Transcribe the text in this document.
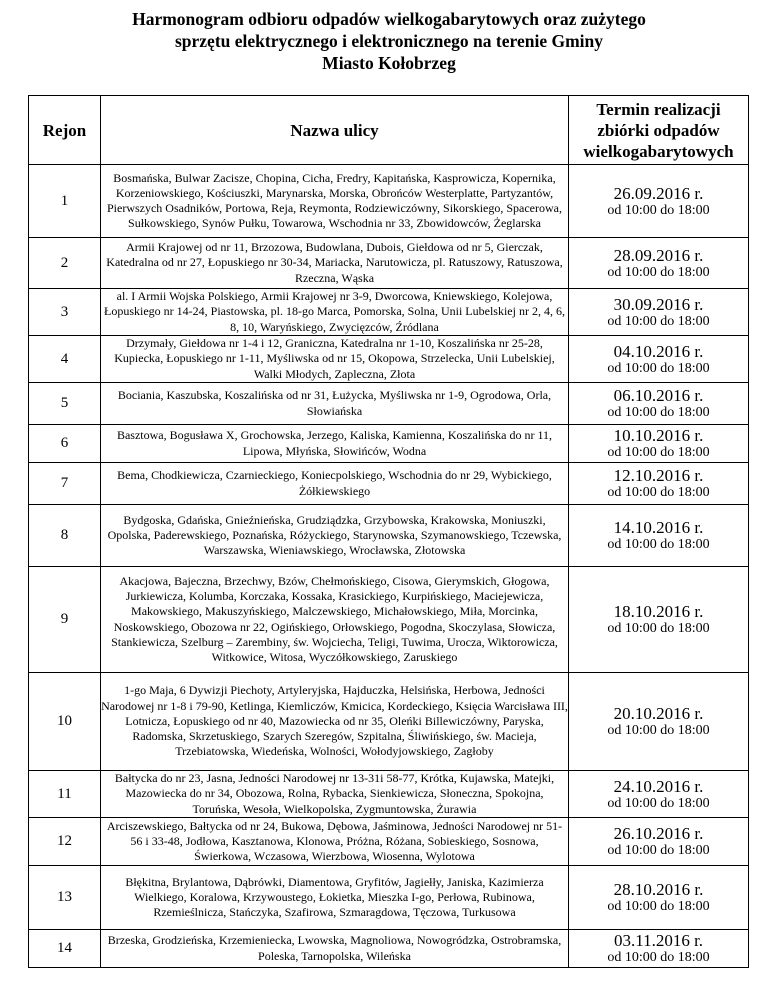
Harmonogram odbioru odpadów wielkogabarytowych oraz zużytego
sprzętu elektrycznego i elektronicznego na terenie Gminy
Miasto Kołobrzeg
Rejon	Nazwa ulicy	Termin realizacji zbiórki odpadów wielkogabarytowych
1	Bosmańska, Bulwar Zacisze, Chopina, Cicha, Fredry, Kapitańska, Kasprowicza, Kopernika, Korzeniowskiego, Kościuszki, Marynarska, Morska, Obrońców Westerplatte, Partyzantów, Pierwszych Osadników, Portowa, Reja, Reymonta, Rodziewiczówny, Sikorskiego, Spacerowa, Sułkowskiego, Synów Pułku, Towarowa, Wschodnia nr 33, Zbowidowców, Żeglarska	26.09.2016 r.
od 10:00 do 18:00

2	Armii Krajowej od nr 11, Brzozowa, Budowlana, Dubois, Giełdowa od nr 5, Gierczak, Katedralna od nr 27, Łopuskiego nr 30-34, Mariacka, Narutowicza, pl. Ratuszowy, Ratuszowa, Rzeczna, Wąska	28.09.2016 r.
od 10:00 do 18:00

3	al. I Armii Wojska Polskiego, Armii Krajowej nr 3-9, Dworcowa, Kniewskiego, Kolejowa, Łopuskiego nr 14-24, Piastowska, pl. 18-go Marca, Pomorska, Solna, Unii Lubelskiej nr 2, 4, 6, 8, 10, Waryńskiego, Zwycięzców, Źródlana	30.09.2016 r.
od 10:00 do 18:00

4	Drzymały, Giełdowa nr 1-4 i 12, Graniczna, Katedralna nr 1-10, Koszalińska nr 25-28, Kupiecka, Łopuskiego nr 1-11, Myśliwska od nr 15, Okopowa, Strzelecka, Unii Lubelskiej, Walki Młodych, Zapleczna, Złota	04.10.2016 r.
od 10:00 do 18:00

5	Bociania, Kaszubska, Koszalińska od nr 31, Łużycka, Myśliwska nr 1-9, Ogrodowa, Orla, Słowiańska	06.10.2016 r.
od 10:00 do 18:00

6	Basztowa, Bogusława X, Grochowska, Jerzego, Kaliska, Kamienna, Koszalińska do nr 11, Lipowa, Młyńska, Słowińców, Wodna	10.10.2016 r.
od 10:00 do 18:00

7	Bema, Chodkiewicza, Czarnieckiego, Koniecpolskiego, Wschodnia do nr 29, Wybickiego, Żółkiewskiego	12.10.2016 r.
od 10:00 do 18:00

8	Bydgoska, Gdańska, Gnieźnieńska, Grudziądzka, Grzybowska, Krakowska, Moniuszki, Opolska, Paderewskiego, Poznańska, Różyckiego, Starynowska, Szymanowskiego, Tczewska, Warszawska, Wieniawskiego, Wrocławska, Złotowska	14.10.2016 r.
od 10:00 do 18:00

9	Akacjowa, Bajeczna, Brzechwy, Bzów, Chełmońskiego, Cisowa, Gierymskich, Głogowa, Jurkiewicza, Kolumba, Korczaka, Kossaka, Krasickiego, Kurpińskiego, Maciejewicza, Makowskiego, Makuszyńskiego, Malczewskiego, Michałowskiego, Miła, Morcinka, Noskowskiego, Obozowa nr 22, Ogińskiego, Orłowskiego, Pogodna, Skoczylasa, Słowicza, Stankiewicza, Szelburg – Zarembiny, św. Wojciecha, Teligi, Tuwima, Urocza, Wiktorowicza, Witkowice, Witosa, Wyczółkowskiego, Zaruskiego	18.10.2016 r.
od 10:00 do 18:00

10	1-go Maja, 6 Dywizji Piechoty, Artyleryjska, Hajduczka, Helsińska, Herbowa, Jedności Narodowej nr 1-8 i 79-90, Ketlinga, Kiemliczów, Kmicica, Kordeckiego, Księcia Warcisława III, Lotnicza, Łopuskiego od nr 40, Mazowiecka od nr 35, Oleńki Billewiczówny, Paryska, Radomska, Skrzetuskiego, Szarych Szeregów, Szpitalna, Śliwińskiego, św. Macieja, Trzebiatowska, Wiedeńska, Wolności, Wołodyjowskiego, Zagłoby	20.10.2016 r.
od 10:00 do 18:00

11	Bałtycka do nr 23, Jasna, Jedności Narodowej nr 13-31i 58-77, Krótka, Kujawska, Matejki, Mazowiecka do nr 34, Obozowa, Rolna, Rybacka, Sienkiewicza, Słoneczna, Spokojna, Toruńska, Wesoła, Wielkopolska, Zygmuntowska, Żurawia	24.10.2016 r.
od 10:00 do 18:00

12	Arciszewskiego, Bałtycka od nr 24, Bukowa, Dębowa, Jaśminowa, Jedności Narodowej nr 51-56 i 33-48, Jodłowa, Kasztanowa, Klonowa, Próżna, Różana, Sobieskiego, Sosnowa, Świerkowa, Wczasowa, Wierzbowa, Wiosenna, Wylotowa	26.10.2016 r.
od 10:00 do 18:00

13	Błękitna, Brylantowa, Dąbrówki, Diamentowa, Gryfitów, Jagiełły, Janiska, Kazimierza Wielkiego, Koralowa, Krzywoustego, Łokietka, Mieszka I-go, Perłowa, Rubinowa, Rzemieślnicza, Stańczyka, Szafirowa, Szmaragdowa, Tęczowa, Turkusowa	28.10.2016 r.
od 10:00 do 18:00

14	Brzeska, Grodzieńska, Krzemieniecka, Lwowska, Magnoliowa, Nowogródzka, Ostrobramska, Poleska, Tarnopolska, Wileńska	03.11.2016 r.
od 10:00 do 18:00
